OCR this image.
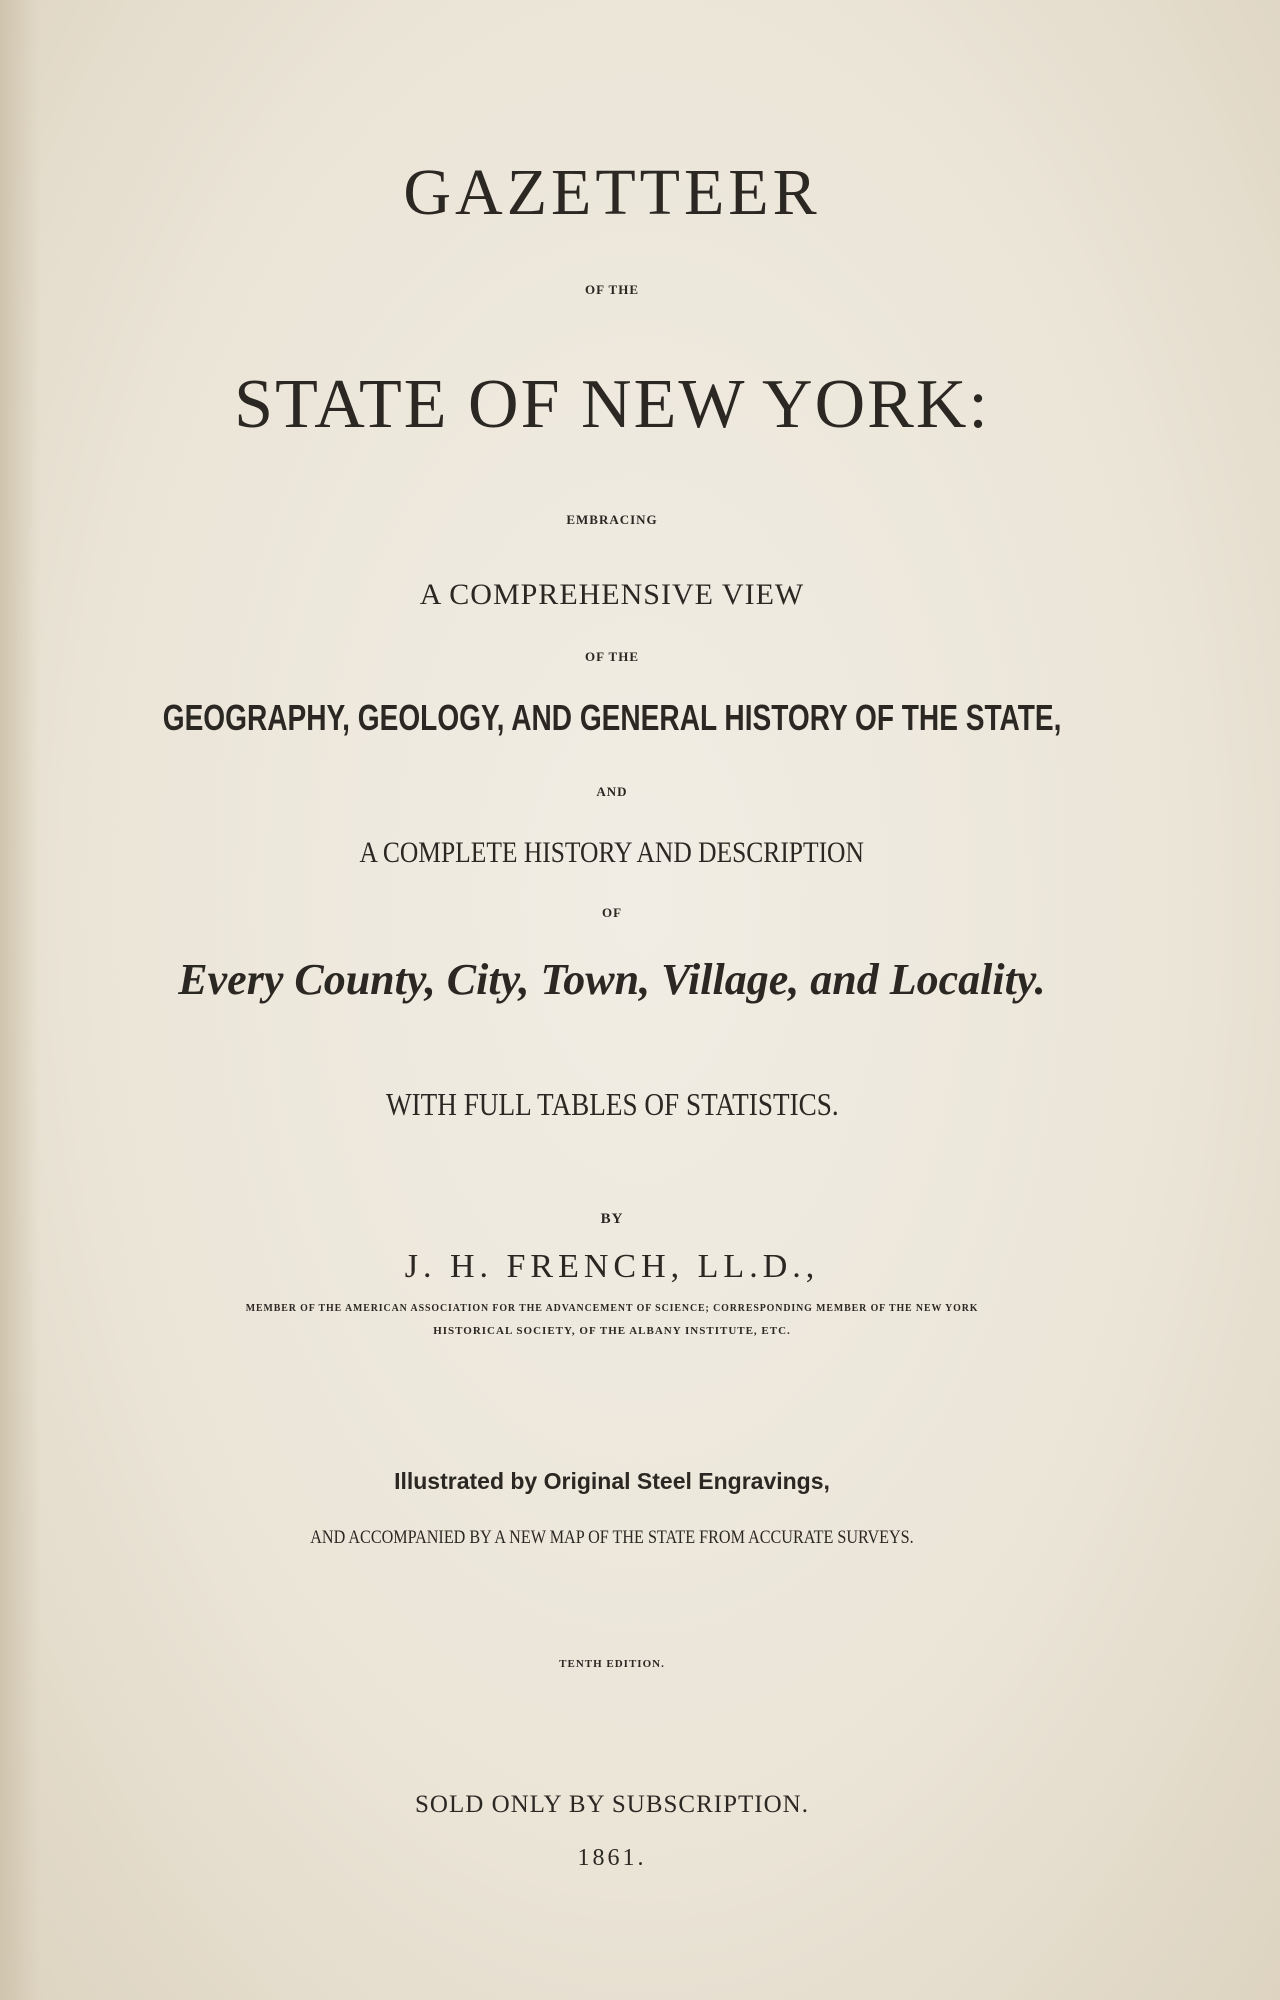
GAZETTEER
OF THE
STATE OF NEW YORK:
EMBRACING
A COMPREHENSIVE VIEW
OF THE
GEOGRAPHY, GEOLOGY, AND GENERAL HISTORY OF THE STATE,
AND
A COMPLETE HISTORY AND DESCRIPTION
OF
Every County, City, Town, Village, and Locality.
WITH FULL TABLES OF STATISTICS.
BY
J. H. FRENCH, LL.D.,
MEMBER OF THE AMERICAN ASSOCIATION FOR THE ADVANCEMENT OF SCIENCE; CORRESPONDING MEMBER OF THE NEW YORK
HISTORICAL SOCIETY, OF THE ALBANY INSTITUTE, ETC.
Illustrated by Original Steel Engravings,
AND ACCOMPANIED BY A NEW MAP OF THE STATE FROM ACCURATE SURVEYS.
TENTH EDITION.
SOLD ONLY BY SUBSCRIPTION.
1861.
